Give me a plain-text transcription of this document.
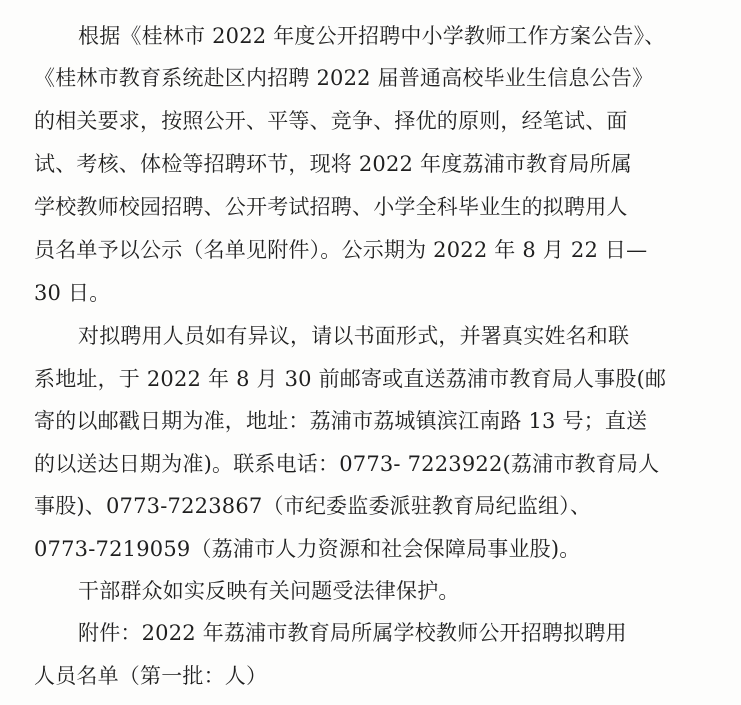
根据《桂林市 2022 年度公开招聘中小学教师工作方案公告》、

《桂林市教育系统赴区内招聘 2022 届普通高校毕业生信息公告》

的相关要求，按照公开、平等、竞争、择优的原则，经笔试、面

试、考核、体检等招聘环节，现将 2022 年度荔浦市教育局所属

学校教师校园招聘、公开考试招聘、小学全科毕业生的拟聘用人

员名单予以公示（名单见附件）。公示期为 2022 年 8 月 22 日—

30 日。

对拟聘用人员如有异议，请以书面形式，并署真实姓名和联

系地址，于 2022 年 8 月 30 前邮寄或直送荔浦市教育局人事股(邮

寄的以邮戳日期为准，地址：荔浦市荔城镇滨江南路 13 号；直送

的以送达日期为准)。联系电话：0773- 7223922(荔浦市教育局人

事股)、0773-7223867（市纪委监委派驻教育局纪监组）、

0773-7219059（荔浦市人力资源和社会保障局事业股)。

干部群众如实反映有关问题受法律保护。

附件：2022 年荔浦市教育局所属学校教师公开招聘拟聘用

人员名单（第一批：人）
